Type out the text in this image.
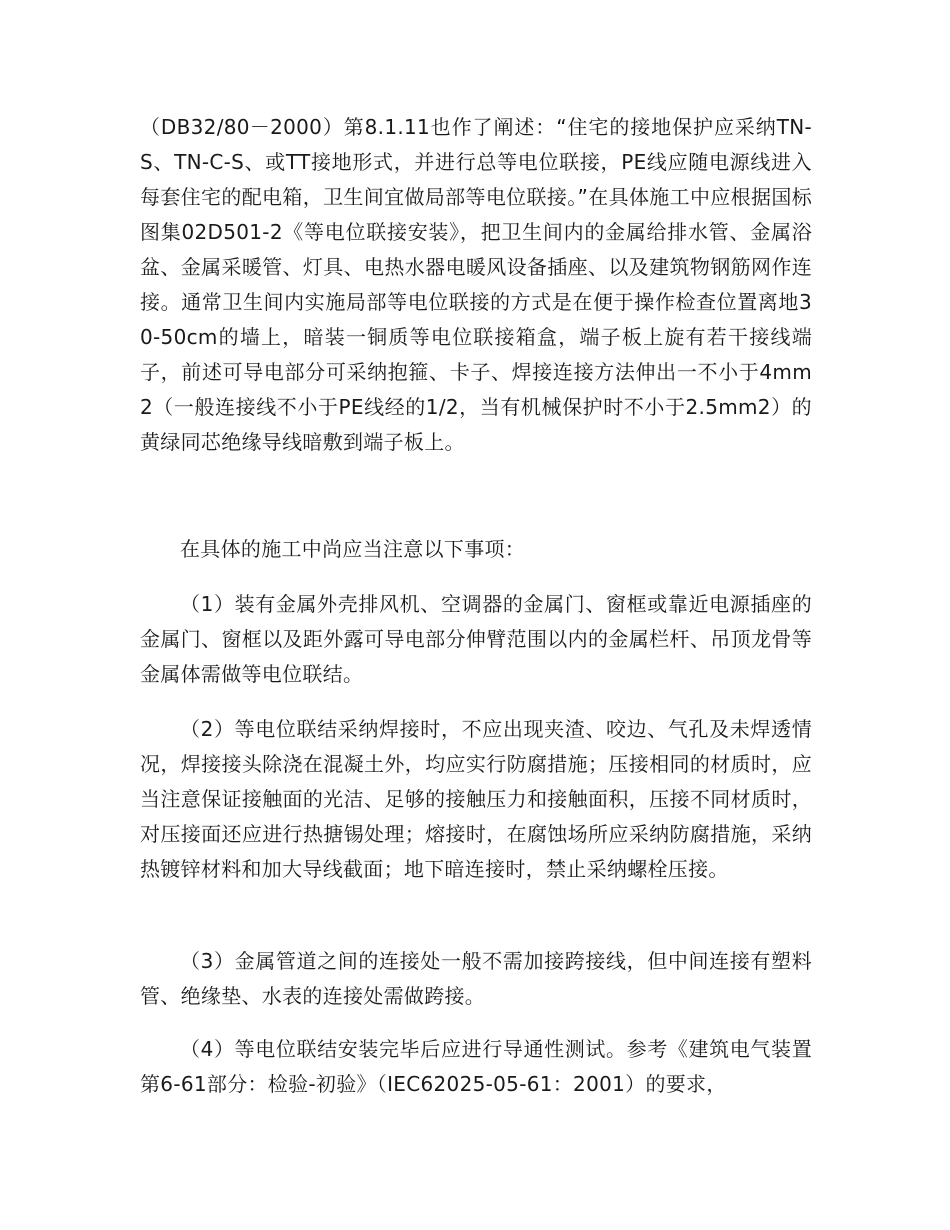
（DB32/80－2000）第8.1.11也作了阐述：“住宅的接地保护应采纳TN-S、TN-C-S、或TT接地形式，并进行总等电位联接，PE线应随电源线进入每套住宅的配电箱，卫生间宜做局部等电位联接。”在具体施工中应根据国标图集02D501-2《等电位联接安装》，把卫生间内的金属给排水管、金属浴盆、金属采暖管、灯具、电热水器电暖风设备插座、以及建筑物钢筋网作连接。通常卫生间内实施局部等电位联接的方式是在便于操作检查位置离地30-50cm的墙上，暗装一铜质等电位联接箱盒，端子板上旋有若干接线端子，前述可导电部分可采纳抱箍、卡子、焊接连接方法伸出一不小于4mm2（一般连接线不小于PE线经的1/2，当有机械保护时不小于2.5mm2）的黄绿同芯绝缘导线暗敷到端子板上。

在具体的施工中尚应当注意以下事项：

（1）装有金属外壳排风机、空调器的金属门、窗框或靠近电源插座的金属门、窗框以及距外露可导电部分伸臂范围以内的金属栏杆、吊顶龙骨等金属体需做等电位联结。

（2）等电位联结采纳焊接时，不应出现夹渣、咬边、气孔及未焊透情况，焊接接头除浇在混凝土外，均应实行防腐措施；压接相同的材质时，应当注意保证接触面的光洁、足够的接触压力和接触面积，压接不同材质时，对压接面还应进行热搪锡处理；熔接时，在腐蚀场所应采纳防腐措施，采纳热镀锌材料和加大导线截面；地下暗连接时，禁止采纳螺栓压接。

（3）金属管道之间的连接处一般不需加接跨接线，但中间连接有塑料管、绝缘垫、水表的连接处需做跨接。

（4）等电位联结安装完毕后应进行导通性测试。参考《建筑电气装置 第6-61部分：检验-初验》（IEC62025-05-61：2001）的要求，
